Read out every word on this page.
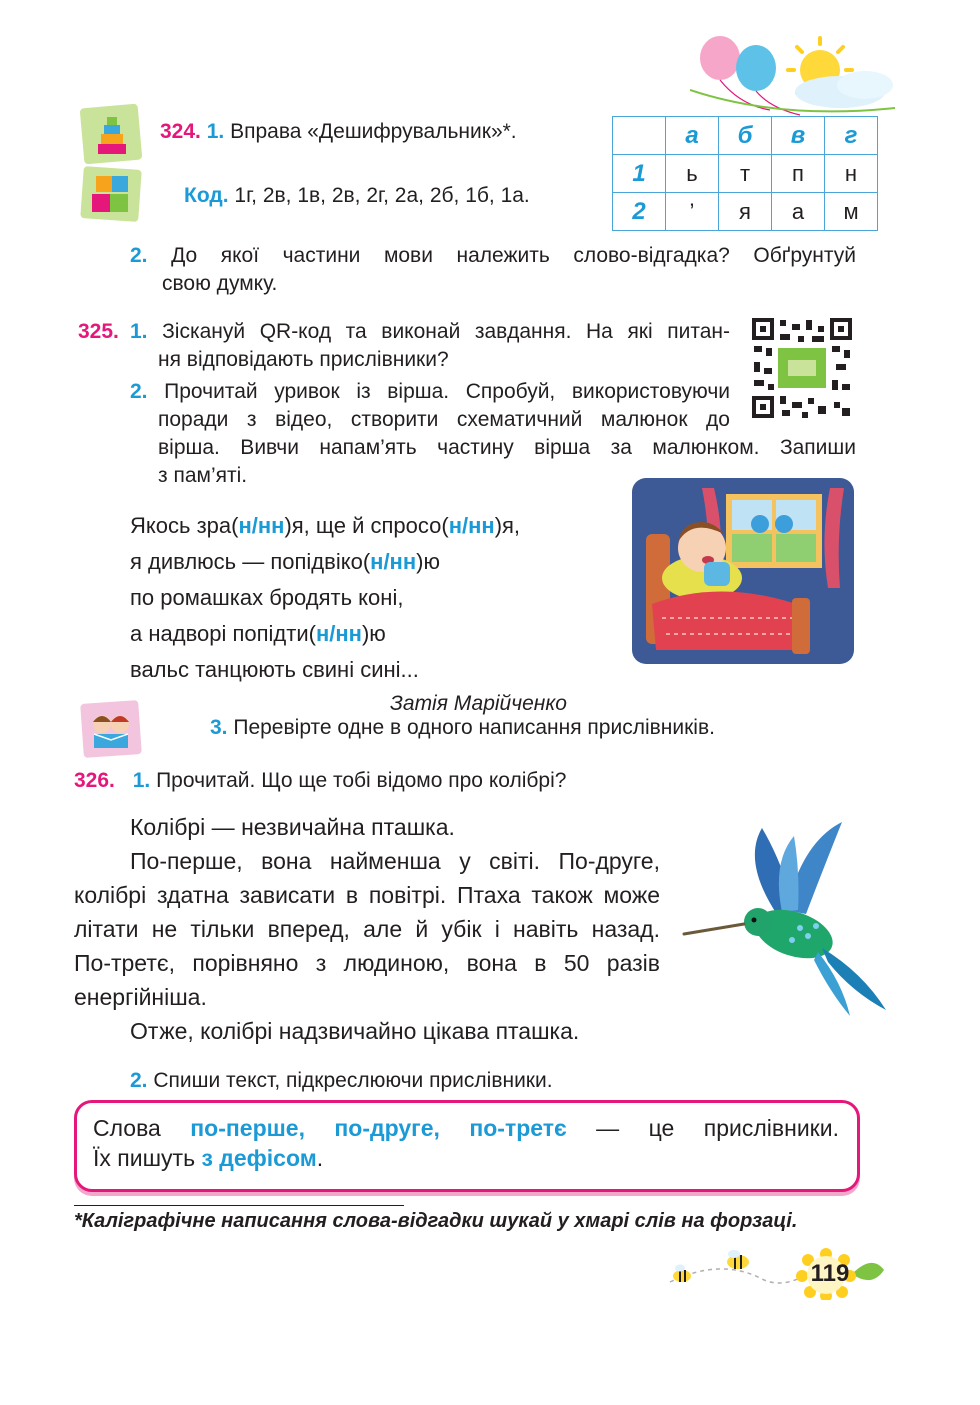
324. 1. Вправа «Дешифрувальник»*.
Код. 1г, 2в, 1в, 2в, 2г, 2а, 2б, 1б, 1а.
	а	б	в	г
1	ь	т	п	н
2	’	я	а	м
2. До якої частини мови належить слово-відгадка? Обґрунтуй
свою думку.
325. 1. Зіскануй QR-код та виконай завдання. На які питан-
ня відповідають прислівники?
2. Прочитай уривок із вірша. Спробуй, використовуючи
поради з відео, створити схематичний малюнок до
вірша. Вивчи напам’ять частину вірша за малюнком. Запиши
з пам’яті.
Якось зра(н/нн)я, ще й спросо(н/нн)я,
я дивлюсь — попідвіко(н/нн)ю
по ромашках бродять коні,
а надворі попідти(н/нн)ю
вальс танцюють свині сині...
Затія Марійченко
3. Перевірте одне в одного написання прислівників.
326. 1. Прочитай. Що ще тобі відомо про колібрі?
Колібрі — незвичайна пташка.
По-перше, вона найменша у світі. По-друге,
колібрі здатна зависати в повітрі. Птаха також може
літати не тільки вперед, але й убік і навіть назад.
По-третє, порівняно з людиною, вона в 50 разів
енергійніша.
Отже, колібрі надзвичайно цікава пташка.
2. Спиши текст, підкреслюючи прислівники.
Слова по-перше, по-друге, по-третє — це прислівники.
Їх пишуть з дефісом.
*Каліграфічне написання слова-відгадки шукай у хмарі слів на форзаці.
119
